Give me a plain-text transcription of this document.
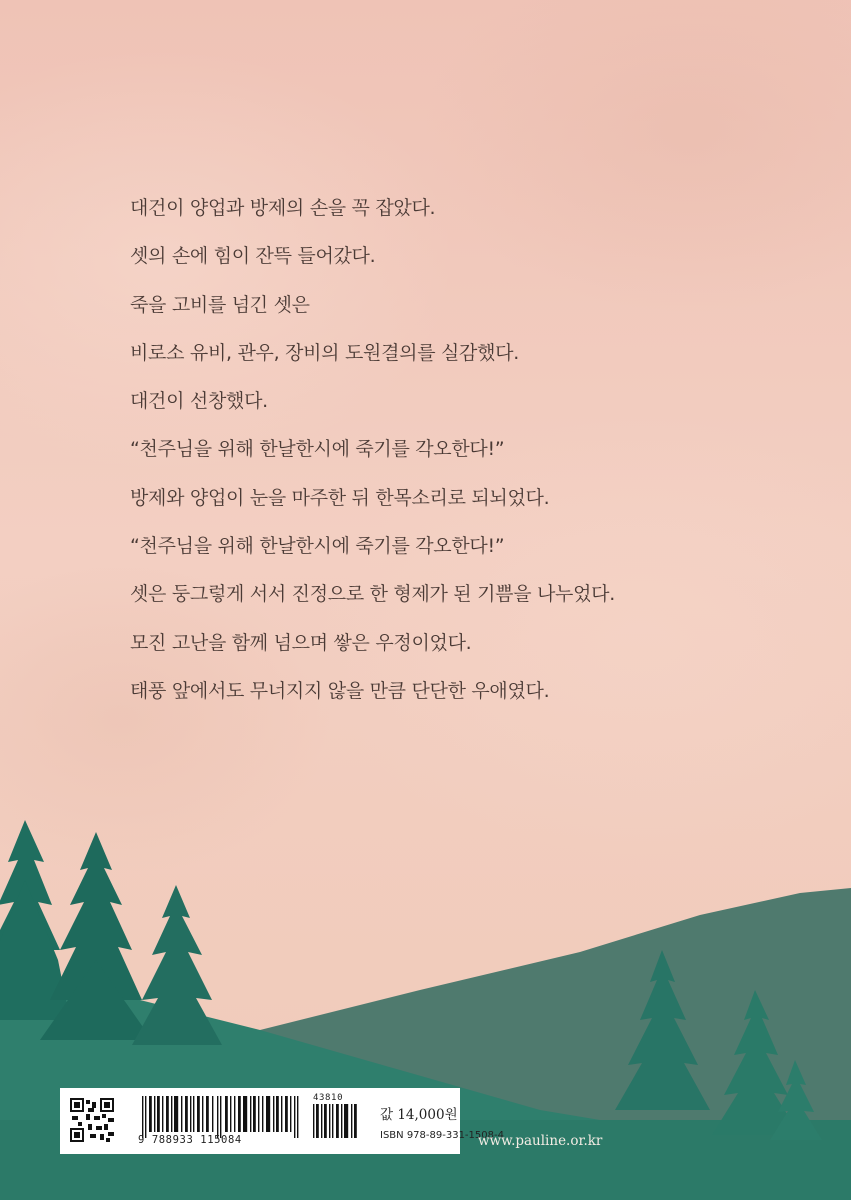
대건이 양업과 방제의 손을 꼭 잡았다.
셋의 손에 힘이 잔뜩 들어갔다.
죽을 고비를 넘긴 셋은
비로소 유비, 관우, 장비의 도원결의를 실감했다.
대건이 선창했다.
“천주님을 위해 한날한시에 죽기를 각오한다!”
방제와 양업이 눈을 마주한 뒤 한목소리로 되뇌었다.
“천주님을 위해 한날한시에 죽기를 각오한다!”
셋은 둥그렇게 서서 진정으로 한 형제가 된 기쁨을 나누었다.
모진 고난을 함께 넘으며 쌓은 우정이었다.
태풍 앞에서도 무너지지 않을 만큼 단단한 우애였다.
9 788933 115084
43810
값 14,000원
ISBN 978-89-331-1508-4
www.pauline.or.kr
